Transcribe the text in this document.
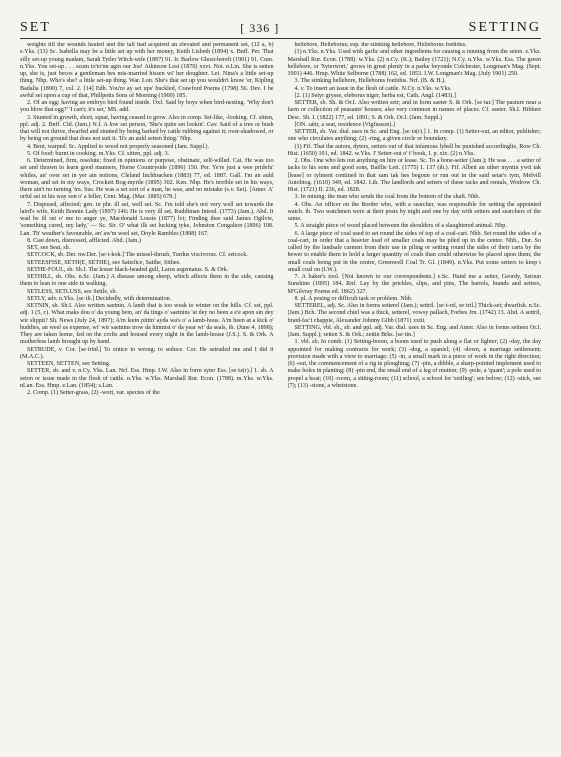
SET	[ 336 ]	SETTING

weights till the wounds healed and the tail had acquired an elevated and permanent set, (12 a, b) e.Yks. (13) Sc. Isabella may be a little set up with her money, Keith Lisbeth (1894) x. Bnff. Per. That silly set-up young madam, Sarah Tytler Witch-wife (1897) 91. Ir. Barlow Ghost-bereft (1901) 91. Cum. n.Yks. You set-up . . . scum to'to'nn agin our Joe! Atkinson Lost (1870) xxvi. Not. n.Lin. She is setten up, she is, just becos a gentleman hes mis-married hissen wi' her doughter. Lei. Nina's a little set-up thing. Nhp. Who's she? a little set-up thing. War. Lon. She's that set up you wouldn't know 'er, Kipling Badalia (1890) 7, col. 2. [14] Edb. You're ay set ups' buckled, Crawford Poems (1798) 56. Dev. I be awful set upon a cup of that, Phillpotts Sons of Morning (1900) 185.

2. Of an egg: having an embryo bird found inside. Oxf. Said by boys when bird-nesting. 'Why don't you blow that egg?' 'I can't; it's set,' MS. add.

3. Stunted in growth, short, squat, having ceased to grow. Also in comp. Set-like, -looking. Cf. sitten, ppl. adj. 2. Bnff. Cld. (Jam.) N.I. A low set person, 'She's quite set lookin'. Cav. Said of a tree or bush that will not thrive, dwarfed and stunted by being barked by cattle rubbing against it; over-shadowed, or by being on ground that does not suit it. 'It's an auld setten thing.' Nhp.

4. Bent, warped. Sc. Applied to wood not properly seasoned (Jam. Suppl.).

5. Of food: burnt in cooking. m.Yks. Cf. sitten, ppl. adj. 3.

6. Determined, firm, resolute; fixed in opinions or purpose, obstinate, self-willed. Cai. He was too set and thrawn to learn good manners, Horne Countryside (1896) 150. Per. Ye're just a wee pridefu' whiles, an' over set in yer ain notions, Cleland Inchbracken (1883) 77, ed. 1887. Gall. I'm an auld woman, and set in my ways, Crockett Bog-myrtle (1895) 302. Ken. Nhp. He's terrible set in his ways, there ain't no turning 'im. Sus. He was a set sort of a man, he was, and no mistake (s.v. Set). [Amer. A' orful set in his way son o' a feller, Cent. Mag. (Mar. 1885) 678.]

7. Disposed, affected; gen. in phr. ill set, well set. Sc. I'm told she's not very well set towards the laird's wife, Keith Bonnie Lady (1897) 146; He is very ill set, Ruddiman Introd. (1773) (Jam.). Abd. It wad be ill set o' me to anger ye, Macdonald Lossie (1877) lvi; Finding thee said James Ogilvie, 'something cured, my lady,' — Sc. Sir. O' what ilk set lucking tyke, Johnston Congalton (1896) 108. Lan. Th' weather's favourable, an' aw'm weel set, Doyle Rambles (1898) 167.

8. Cast down, distressed, afflicted. Abd. (Jam.)

SET, see Seat, sb.

SETCOCK, sb. Der. nw.Der. [se·t-kok.] The missel-thrush, Turdus viscivorus. Cf. setcock.

SETEESFISE, SETH(E, SETHE), see Satisfice, Saithe, Sithee.

SETHE-FOUL, sb. Sh.I. The lesser black-headed gull, Larus argentatus. S. & Ork.

SETHILL, sb. Obs. n.Sc. (Jam.) A disease among sheep, which affects them in the side, causing them to lean to one side in walking.

SETLESS, SETLUSS, see Settle, sb.

SETLY, adv. n.Yks. [se·tli.] Decidedly, with determination.

SETNIN, sb. Sh.I. Also written saetnin. A lamb that is too weak to winter on the hills. Cf. set, ppl. adj. 1 (5, c). What maks dou o' da young bein, an' da tings o' saetnins 'at dey no been a e'e apon sin dey wir slippit? Sh. News (July 24, 1897); A'm leein pittin' ayda wa's o' a lamb-hous. A'm been at a kick o' buddies, an weel us expense, wi' wir saetnins trow da hinmist o' da year wi' da seals, ib. (June 4, 1898); They are taken home, fed on the crofts and housed every night in the lamb-house (J.S.). S. & Ork. A motherless lamb brought up by hand.

SETRUDE, v. Cor. [se·trūd.] To entice to wrong; to seduce. Cor. He setruded me and I did it (M.A.C.).

SETTEEN, SETTEN, see Setting.

SETTER, sb. and v. n.Cy. Yks. Lan. Nrf. Ess. Hmp. I.W. Also in form syter Ess. [se·tə(r).] 1. sb. A seton or issue made in the flesh of cattle. n.Yks. w.Yks. Marshall Rur. Econ. (1788). m.Yks. w.Yks. nLan. Ess. Hmp. e.Lan. (1854); s.Lan.

2. Comp. (1) Setter-grass, (2) -wort, var. species of the

hellebore, Helleborus; esp. the stinking hellebore, Helleborus foetidus.

(1) n.Yks. n.Yks. Used with garlic and other ingredients for causing a running from the seton. e.Yks. Marshall Rur. Econ. (1788). w.Yks. (2) n.Cy. (K.); Bailey (1721); N.Cy. n.Yks. w.Yks. Ess. The green hellebore, or 'Syterwort,' grows in great plenty in a parke beyonde Colchester, Longman's Mag. (Sept. 1901) 446. Hmp. White Selborne (1788) 162, ed. 1853. I.W. Longman's Mag. (July 1901) 250.

3. The stinking hellebore, Helleborus foetidus. Nrf. (B. & H.).

4. v. To insert an issue in the flesh of cattle. N.Cy. n.Yks. w.Yks.

[2. (1) Setyr grysse, eleborus niger, herba est, Cath. Angl. (1483).]

SETTER, sb. Sh. & Or.I. Also written setr; and in form saeter S. & Ork. [se·tar.] The pasture near a farm or collection of peasants' houses; also very common in names of places. Cf. saeter. Sh.I. Hibbert Desc. Sh. I. (1822) 177, ed. 1891; S. & Ork. Or.I. (Jam. Suppl.)

[ON. sǽtr, a seat, residence (Vigfusson).]

SETTER, sb. Var. dial. uses in Sc. and Eng. [se·tə(r).] 1. In comp. (1) Setter-out, an editor, publisher; one who circulates anything; (2) -ring, a given circle or boundary.

(1) Fif. Thai the autors, dyters, setters out of that infamous lybell be punished accordinglie, Row Ch. Hist. (1650) 101, ed. 1842. w.Yks. I' Setter-out o' t' book, I. p. xix. (2) n.Yks.

2. Obs. One who lets out anything on hire or lease. Sc. To a bone-setter (Jam.); He was . . . a setter of tacks to his sons and good sons, Baillie Lett. (1775) I. 137 (ib.). Fif. Albeit an uther myntin ywit tak [lease] or tylment contined in that sam tak hes begoun or run out in the said setar's tym, Melvill Autobiog. (1610) 349, ed. 1842. Lth. The landlords and setters of these tacks and rentals, Wodrow Ch. Hist. (1721) II. 236, ed. 1828.

3. In mining: the man who sends the coal from the bottom of the shaft. Nhb.

4. Obs. An officer on the Border who, with a searcher, was responsible for setting the appointed watch. ib. Two watchmen were at their posts by night and one by day with setters and searchers of the same.

5. A straight piece of wood placed between the shoulders of a slaughtered animal. Nhp.

6. A large piece of coal used to set round the sides of top of a coal-cart. Nhb. Set round the sides of a coal-cart, in order that a heavier load of smaller coals may be piled up in the centre. Nhb., Dur. So called by the landsale carmen from their use in piling or setting round the sides of their carts by the hewer to enable them to hold a larger quantity of coals than could otherwise be placed upon them; the small coals being put in the centre, Greenwell Coal Tr. Gl. (1849). n.Yks. Put some setters to keep t small coal on (I.W.).

7. A baker's tool. [Not known to our correspondents.] e.Sc. Hand me a setter, Geordy, Setoun Sunshine (1895) 184. Rnf. Lay by the prickles, slips, and pins, The barrels, brands and setters, M'Gilvray Poems ed. 1862) 327.

8. pl. A posing or difficult task or problem. Nhb.

SETTEREL, adj. Sc. Also in forms setterel (Jam.); settril. [se·t-rel, se·tril.] Thick-set; dwarfish. n.Sc. (Jam.) Bch. The second chiel was a thick, setterel, vowsy pallach, Forbes Jrn. (1742) 13. Abd. A settril, braid-fac't chappie, Alexander Johnny Gibb (1871) xxiii.

SETTING, vbl. sb., sb. and ppl. adj. Var. dial. uses in Sc. Eng. and Amer. Also in forms setteen Or.I. (Jam. Suppl.); setten S. & Ork.; zettin Brks. [se·tin.]

1. vbl. sb. In comb. (1) Setting-boom, a boom used to push along a flat or lighter; (2) -day, the day appointed for making contracts for work; (3) -dog, a spaniel; (4) -down, a marriage settlement; provision made with a view to marriage; (5) -in, a small mark in a piece of work in the right direction; (6) -out, the commencement of a rig in ploughing; (7) -pin, a dibble, a sharp-pointed implement used to make holes in planting; (8) -pin end, the small end of a leg of mutton; (9) -pole, a 'quant'; a pole used to propel a boat; (10) -room, a sitting-room; (11) school, a school for 'settling'; see below; (12) -stick, see (7); (13) -stone, a whetstone.
